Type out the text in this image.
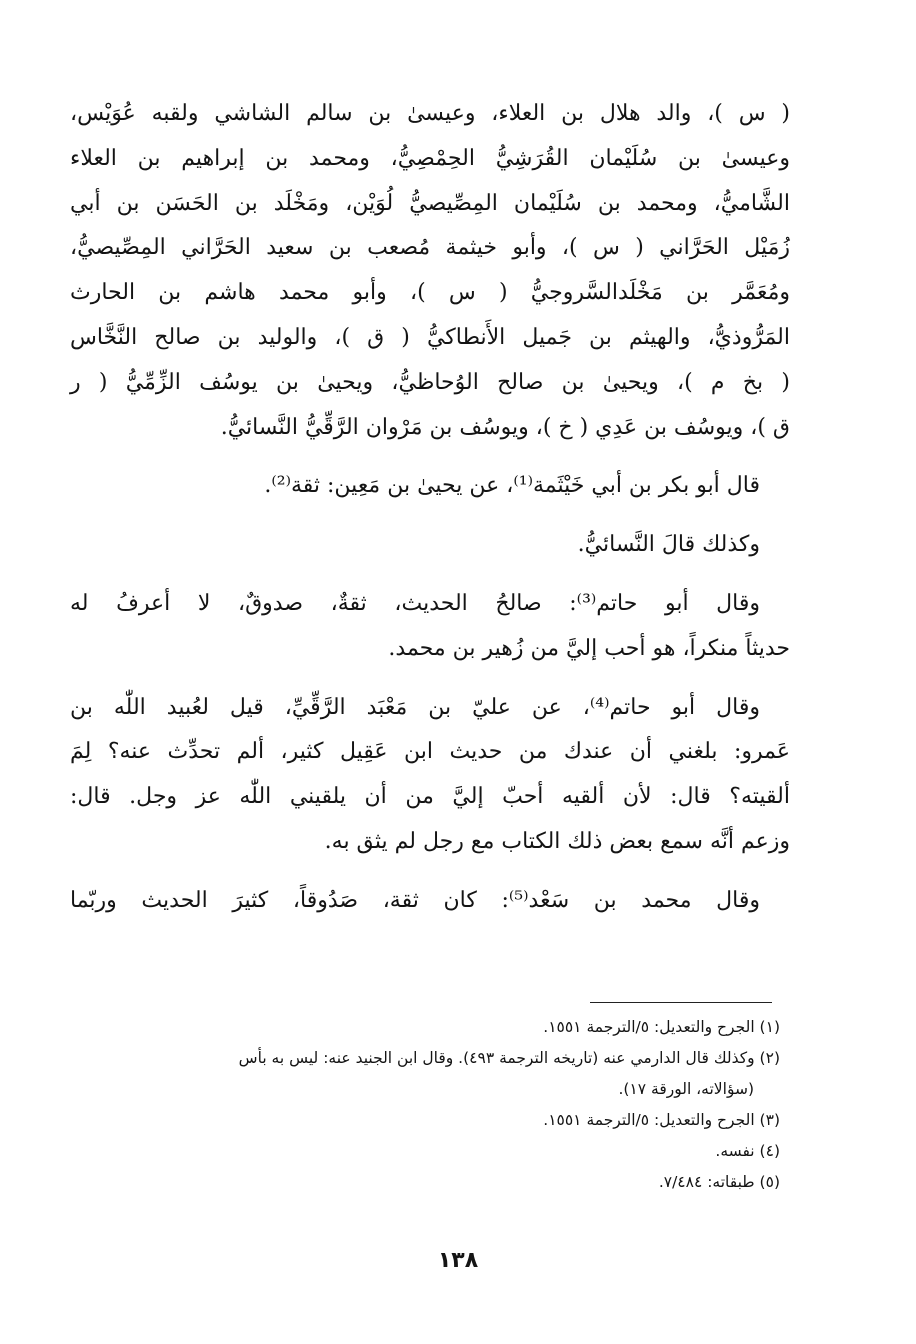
( س )، والد هلال بن العلاء، وعيسىٰ بن سالم الشاشي ولقبه عُوَيْس،
وعيسىٰ بن سُلَيْمان القُرَشِيُّ الحِمْصِيُّ، ومحمد بن إبراهيم بن العلاء
الشَّاميُّ، ومحمد بن سُلَيْمان المِصِّيصيُّ لُوَيْن، ومَخْلَد بن الحَسَن بن أبي
زُمَيْل الحَرَّاني ( س )، وأبو خيثمة مُصعب بن سعيد الحَرَّاني المِصِّيصيُّ،
ومُعَمَّر بن مَخْلَدالسَّروجيُّ ( س )، وأبو محمد هاشم بن الحارث
المَرُّوذيُّ، والهيثم بن جَميل الأَنطاكيُّ ( ق )، والوليد بن صالح النَّخَّاس
( بخ م )، ويحيىٰ بن صالح الوُحاظيُّ، ويحيىٰ بن يوسُف الزِّمِّيُّ ( ر
ق )، ويوسُف بن عَدِي ( خ )، ويوسُف بن مَرْوان الرَّقِّيُّ النَّسائيُّ.
قال أبو بكر بن أبي خَيْثَمة⁽¹⁾، عن يحيىٰ بن مَعِين: ثقة⁽²⁾.
وكذلك قالَ النَّسائيُّ.
وقال أبو حاتم⁽³⁾: صالحُ الحديث، ثقةٌ، صدوقٌ، لا أعرفُ له
حديثاً منكراً، هو أحب إليَّ من زُهير بن محمد.
وقال أبو حاتم⁽⁴⁾، عن عليّ بن مَعْبَد الرَّقِّيِّ، قيل لعُبيد اللّٰه بن
عَمرو: بلغني أن عندك من حديث ابن عَقِيل كثير، ألم تحدِّث عنه؟ لِمَ
ألقيته؟ قال: لأن ألقيه أحبّ إليَّ من أن يلقيني اللّٰه عز وجل. قال:
وزعم أنَّه سمع بعض ذلك الكتاب مع رجل لم يثق به.
وقال محمد بن سَعْد⁽⁵⁾: كان ثقة، صَدُوقاً، كثيرَ الحديث وربّما
(١) الجرح والتعديل: ٥/الترجمة ١٥٥١.
(٢) وكذلك قال الدارمي عنه (تاريخه الترجمة ٤٩٣). وقال ابن الجنيد عنه: ليس به بأس
(سؤالاته، الورقة ١٧).
(٣) الجرح والتعديل: ٥/الترجمة ١٥٥١.
(٤) نفسه.
(٥) طبقاته: ٧/٤٨٤.
١٣٨
